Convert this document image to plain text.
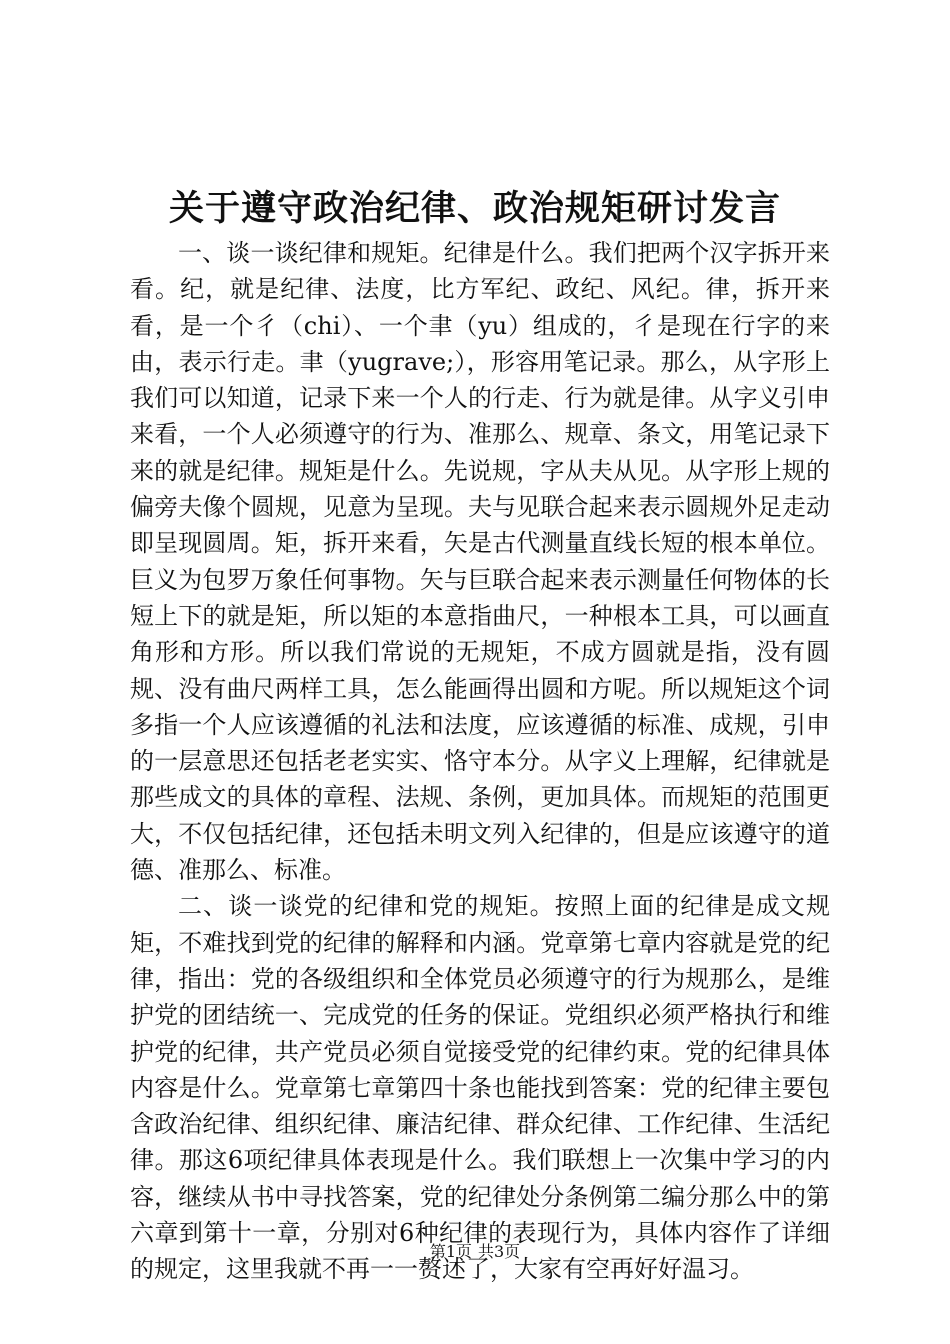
关于遵守政治纪律、政治规矩研讨发言

一、谈一谈纪律和规矩。纪律是什么。我们把两个汉字拆开来看。纪，就是纪律、法度，比方军纪、政纪、风纪。律，拆开来看，是一个彳（chi）、一个聿（yu）组成的，彳是现在行字的来由，表示行走。聿（yugrave;），形容用笔记录。那么，从字形上我们可以知道，记录下来一个人的行走、行为就是律。从字义引申来看，一个人必须遵守的行为、准那么、规章、条文，用笔记录下来的就是纪律。规矩是什么。先说规，字从夫从见。从字形上规的偏旁夫像个圆规，见意为呈现。夫与见联合起来表示圆规外足走动即呈现圆周。矩，拆开来看，矢是古代测量直线长短的根本单位。巨义为包罗万象任何事物。矢与巨联合起来表示测量任何物体的长短上下的就是矩，所以矩的本意指曲尺，一种根本工具，可以画直角形和方形。所以我们常说的无规矩，不成方圆就是指，没有圆规、没有曲尺两样工具，怎么能画得出圆和方呢。所以规矩这个词多指一个人应该遵循的礼法和法度，应该遵循的标准、成规，引申的一层意思还包括老老实实、恪守本分。从字义上理解，纪律就是那些成文的具体的章程、法规、条例，更加具体。而规矩的范围更大，不仅包括纪律，还包括未明文列入纪律的，但是应该遵守的道德、准那么、标准。

二、谈一谈党的纪律和党的规矩。按照上面的纪律是成文规矩，不难找到党的纪律的解释和内涵。党章第七章内容就是党的纪律，指出：党的各级组织和全体党员必须遵守的行为规那么，是维护党的团结统一、完成党的任务的保证。党组织必须严格执行和维护党的纪律，共产党员必须自觉接受党的纪律约束。党的纪律具体内容是什么。党章第七章第四十条也能找到答案：党的纪律主要包含政治纪律、组织纪律、廉洁纪律、群众纪律、工作纪律、生活纪律。那这6项纪律具体表现是什么。我们联想上一次集中学习的内容，继续从书中寻找答案，党的纪律处分条例第二编分那么中的第六章到第十一章，分别对6种纪律的表现行为，具体内容作了详细的规定，这里我就不再一一赘述了，大家有空再好好温习。

第1页 共3页
